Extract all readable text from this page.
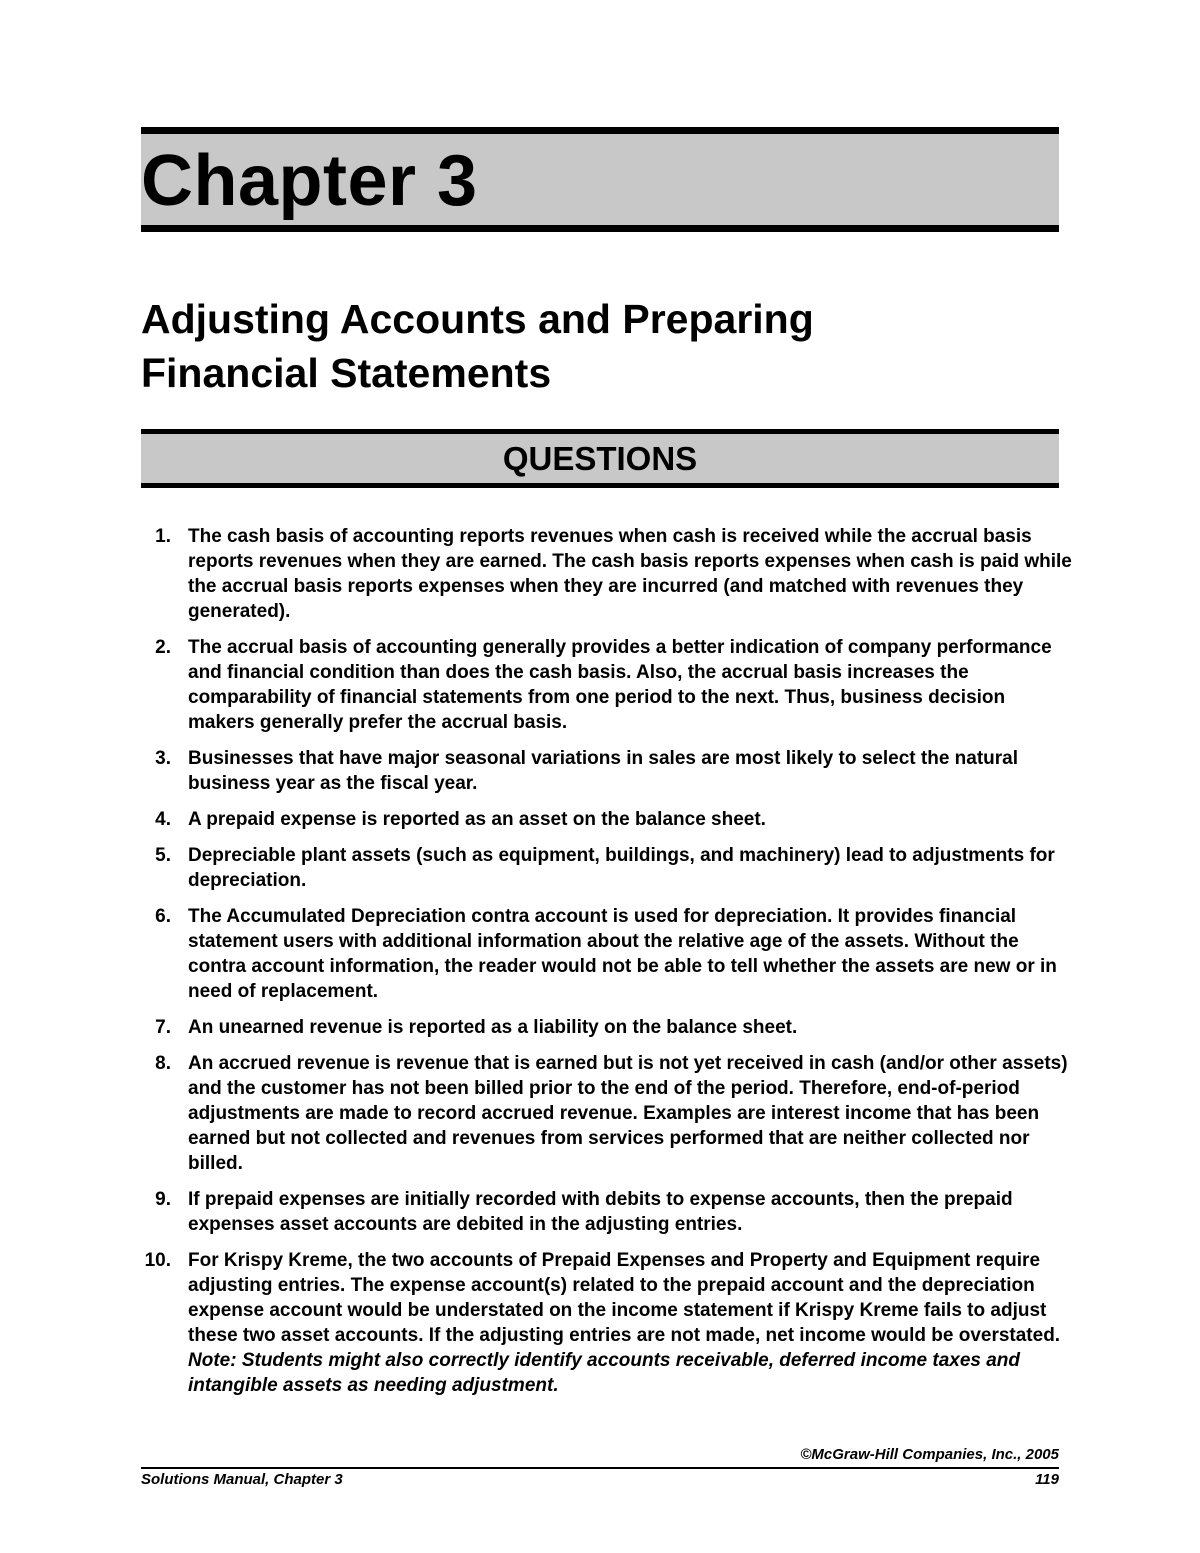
Chapter 3
Adjusting Accounts and Preparing
Financial Statements
QUESTIONS
1. The cash basis of accounting reports revenues when cash is received while the accrual basis reports revenues when they are earned. The cash basis reports expenses when cash is paid while the accrual basis reports expenses when they are incurred (and matched with revenues they generated).
2. The accrual basis of accounting generally provides a better indication of company performance and financial condition than does the cash basis. Also, the accrual basis increases the comparability of financial statements from one period to the next. Thus, business decision makers generally prefer the accrual basis.
3. Businesses that have major seasonal variations in sales are most likely to select the natural business year as the fiscal year.
4. A prepaid expense is reported as an asset on the balance sheet.
5. Depreciable plant assets (such as equipment, buildings, and machinery) lead to adjustments for depreciation.
6. The Accumulated Depreciation contra account is used for depreciation. It provides financial statement users with additional information about the relative age of the assets. Without the contra account information, the reader would not be able to tell whether the assets are new or in need of replacement.
7. An unearned revenue is reported as a liability on the balance sheet.
8. An accrued revenue is revenue that is earned but is not yet received in cash (and/or other assets) and the customer has not been billed prior to the end of the period. Therefore, end-of-period adjustments are made to record accrued revenue. Examples are interest income that has been earned but not collected and revenues from services performed that are neither collected nor billed.
9. If prepaid expenses are initially recorded with debits to expense accounts, then the prepaid expenses asset accounts are debited in the adjusting entries.
10. For Krispy Kreme, the two accounts of Prepaid Expenses and Property and Equipment require adjusting entries. The expense account(s) related to the prepaid account and the depreciation expense account would be understated on the income statement if Krispy Kreme fails to adjust these two asset accounts. If the adjusting entries are not made, net income would be overstated. Note: Students might also correctly identify accounts receivable, deferred income taxes and intangible assets as needing adjustment.
©McGraw-Hill Companies, Inc., 2005
Solutions Manual, Chapter 3	119
